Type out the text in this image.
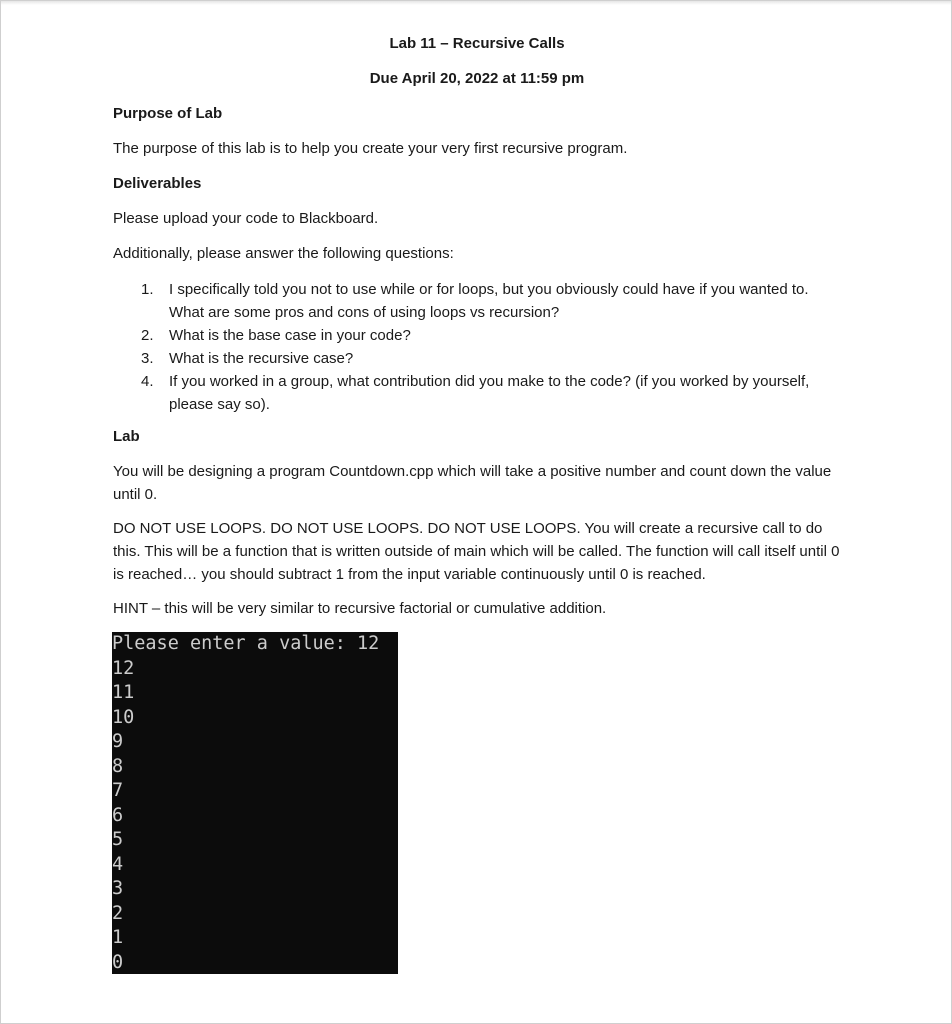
Lab 11 – Recursive Calls
Due April 20, 2022 at 11:59 pm
Purpose of Lab
The purpose of this lab is to help you create your very first recursive program.
Deliverables
Please upload your code to Blackboard.
Additionally, please answer the following questions:
1.	I specifically told you not to use while or for loops, but you obviously could have if you wanted to. What are some pros and cons of using loops vs recursion?
2.	What is the base case in your code?
3.	What is the recursive case?
4.	If you worked in a group, what contribution did you make to the code? (if you worked by yourself, please say so).
Lab
You will be designing a program Countdown.cpp which will take a positive number and count down the value until 0.
DO NOT USE LOOPS. DO NOT USE LOOPS. DO NOT USE LOOPS. You will create a recursive call to do this. This will be a function that is written outside of main which will be called. The function will call itself until 0 is reached… you should subtract 1 from the input variable continuously until 0 is reached.
HINT – this will be very similar to recursive factorial or cumulative addition.
Please enter a value: 12
12
11
10
9
8
7
6
5
4
3
2
1
0
